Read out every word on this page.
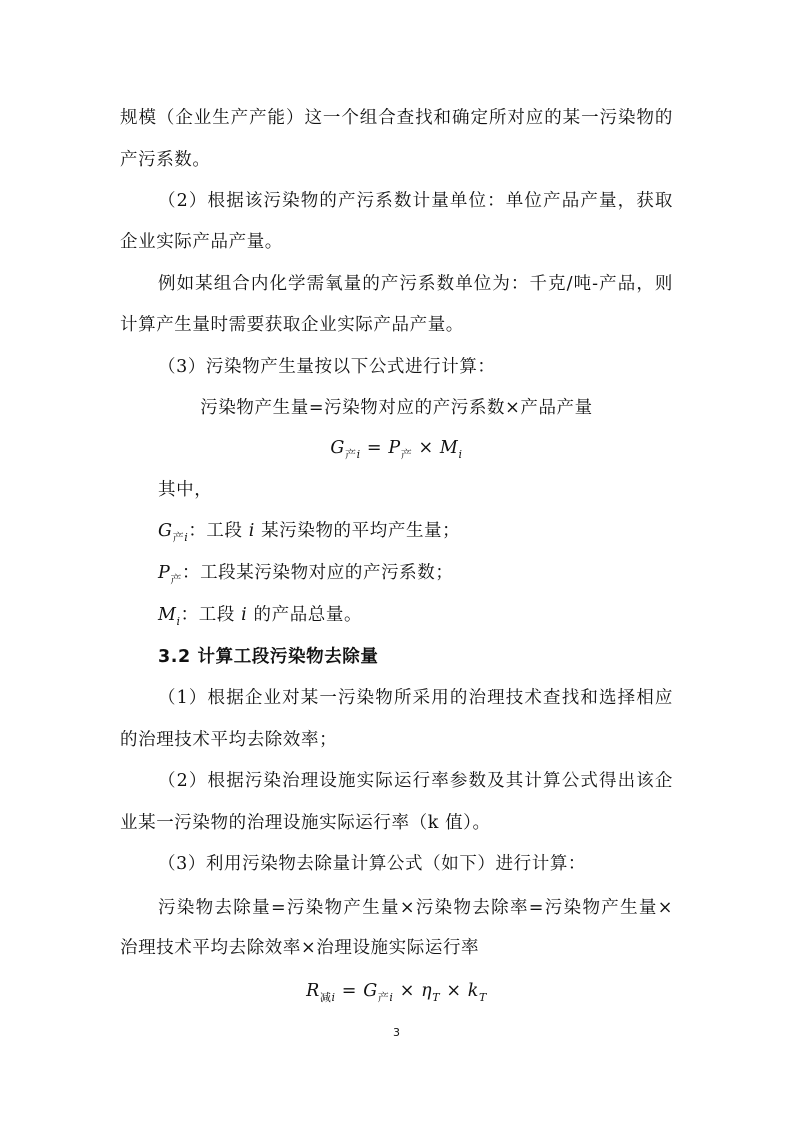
规模（企业生产产能）这一个组合查找和确定所对应的某一污染物的
产污系数。
（2）根据该污染物的产污系数计量单位：单位产品产量，获取
企业实际产品产量。
例如某组合内化学需氧量的产污系数单位为：千克/吨-产品，则
计算产生量时需要获取企业实际产品产量。
（3）污染物产生量按以下公式进行计算：
污染物产生量=污染物对应的产污系数×产品产量
$G_{产i} = P_产 \times M_i$
其中，
$G_{产i}$：工段 i 某污染物的平均产生量；
$P_产$：工段某污染物对应的产污系数；
$M_i$：工段 i 的产品总量。
3.2 计算工段污染物去除量
（1）根据企业对某一污染物所采用的治理技术查找和选择相应
的治理技术平均去除效率；
（2）根据污染治理设施实际运行率参数及其计算公式得出该企
业某一污染物的治理设施实际运行率（k 值）。
（3）利用污染物去除量计算公式（如下）进行计算：
污染物去除量=污染物产生量×污染物去除率=污染物产生量×
治理技术平均去除效率×治理设施实际运行率
$R_{减i} = G_{产i} \times \eta_T \times k_T$
3
